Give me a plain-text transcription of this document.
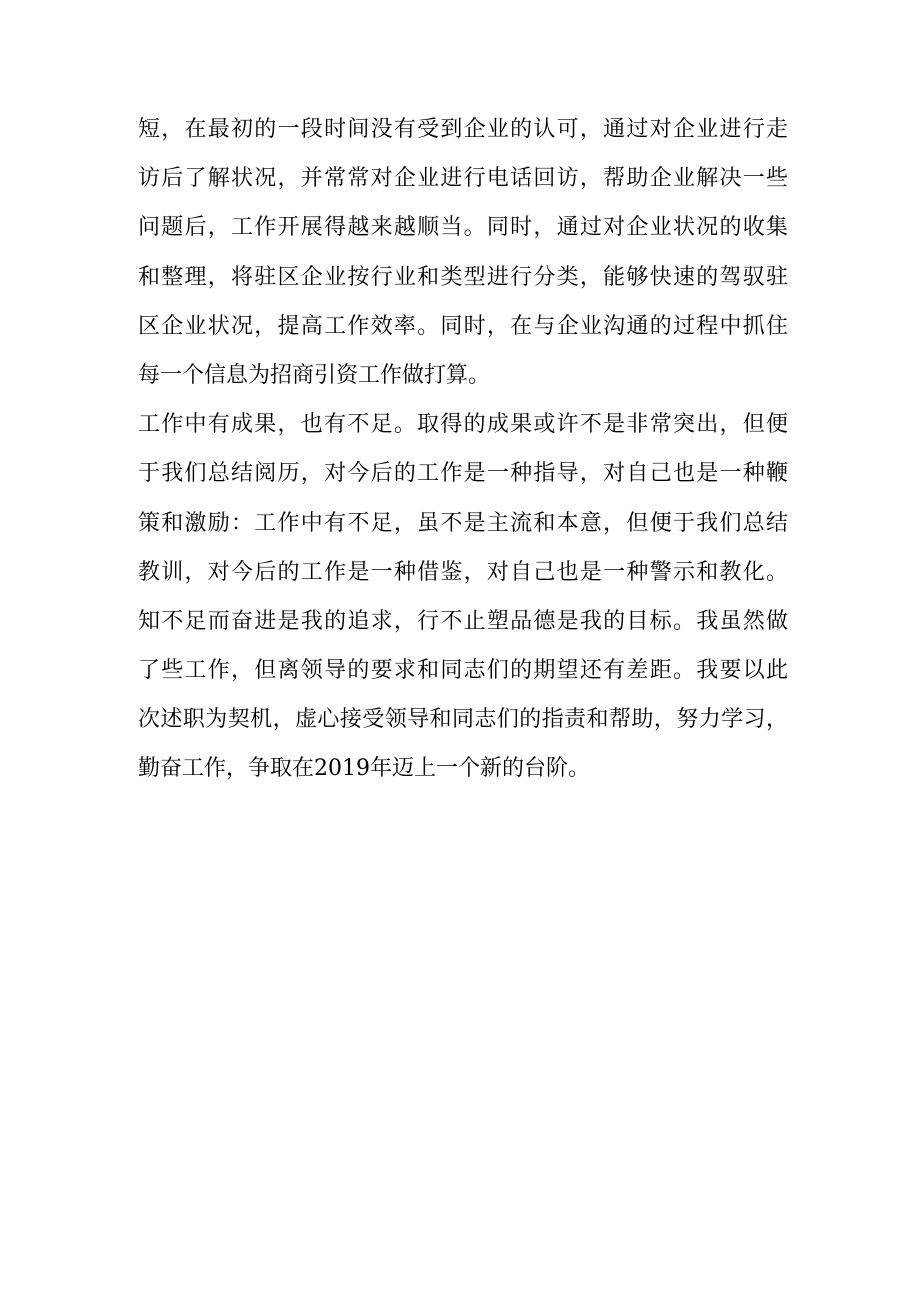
短，在最初的一段时间没有受到企业的认可，通过对企业进行走
访后了解状况，并常常对企业进行电话回访，帮助企业解决一些
问题后，工作开展得越来越顺当。同时，通过对企业状况的收集
和整理，将驻区企业按行业和类型进行分类，能够快速的驾驭驻
区企业状况，提高工作效率。同时，在与企业沟通的过程中抓住
每一个信息为招商引资工作做打算。
工作中有成果，也有不足。取得的成果或许不是非常突出，但便
于我们总结阅历，对今后的工作是一种指导，对自己也是一种鞭
策和激励：工作中有不足，虽不是主流和本意，但便于我们总结
教训，对今后的工作是一种借鉴，对自己也是一种警示和教化。
知不足而奋进是我的追求，行不止塑品德是我的目标。我虽然做
了些工作，但离领导的要求和同志们的期望还有差距。我要以此
次述职为契机，虚心接受领导和同志们的指责和帮助，努力学习，
勤奋工作，争取在2019年迈上一个新的台阶。
